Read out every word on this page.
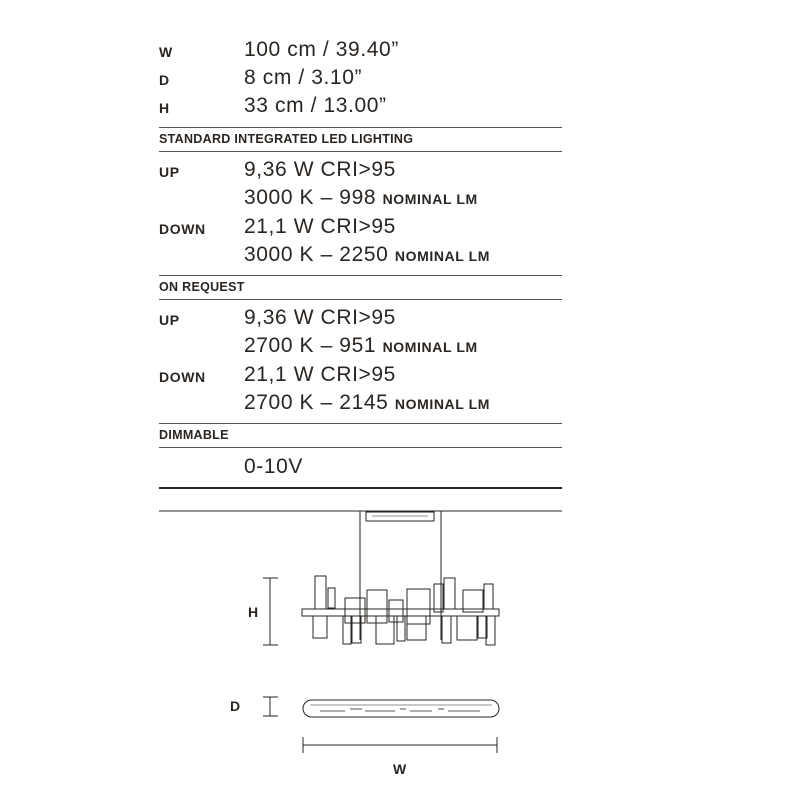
W	100 cm / 39.40”
D	8 cm / 3.10”
H	33 cm / 13.00”
STANDARD INTEGRATED LED LIGHTING
UP	9,36 W CRI>95
3000 K – 998 NOMINAL LM
DOWN 21,1 W CRI>95
3000 K – 2250 NOMINAL LM
ON REQUEST
UP	9,36 W CRI>95
2700 K – 951 NOMINAL LM
DOWN 21,1 W CRI>95
2700 K – 2145 NOMINAL LM
DIMMABLE
0-10V
H
D
W
